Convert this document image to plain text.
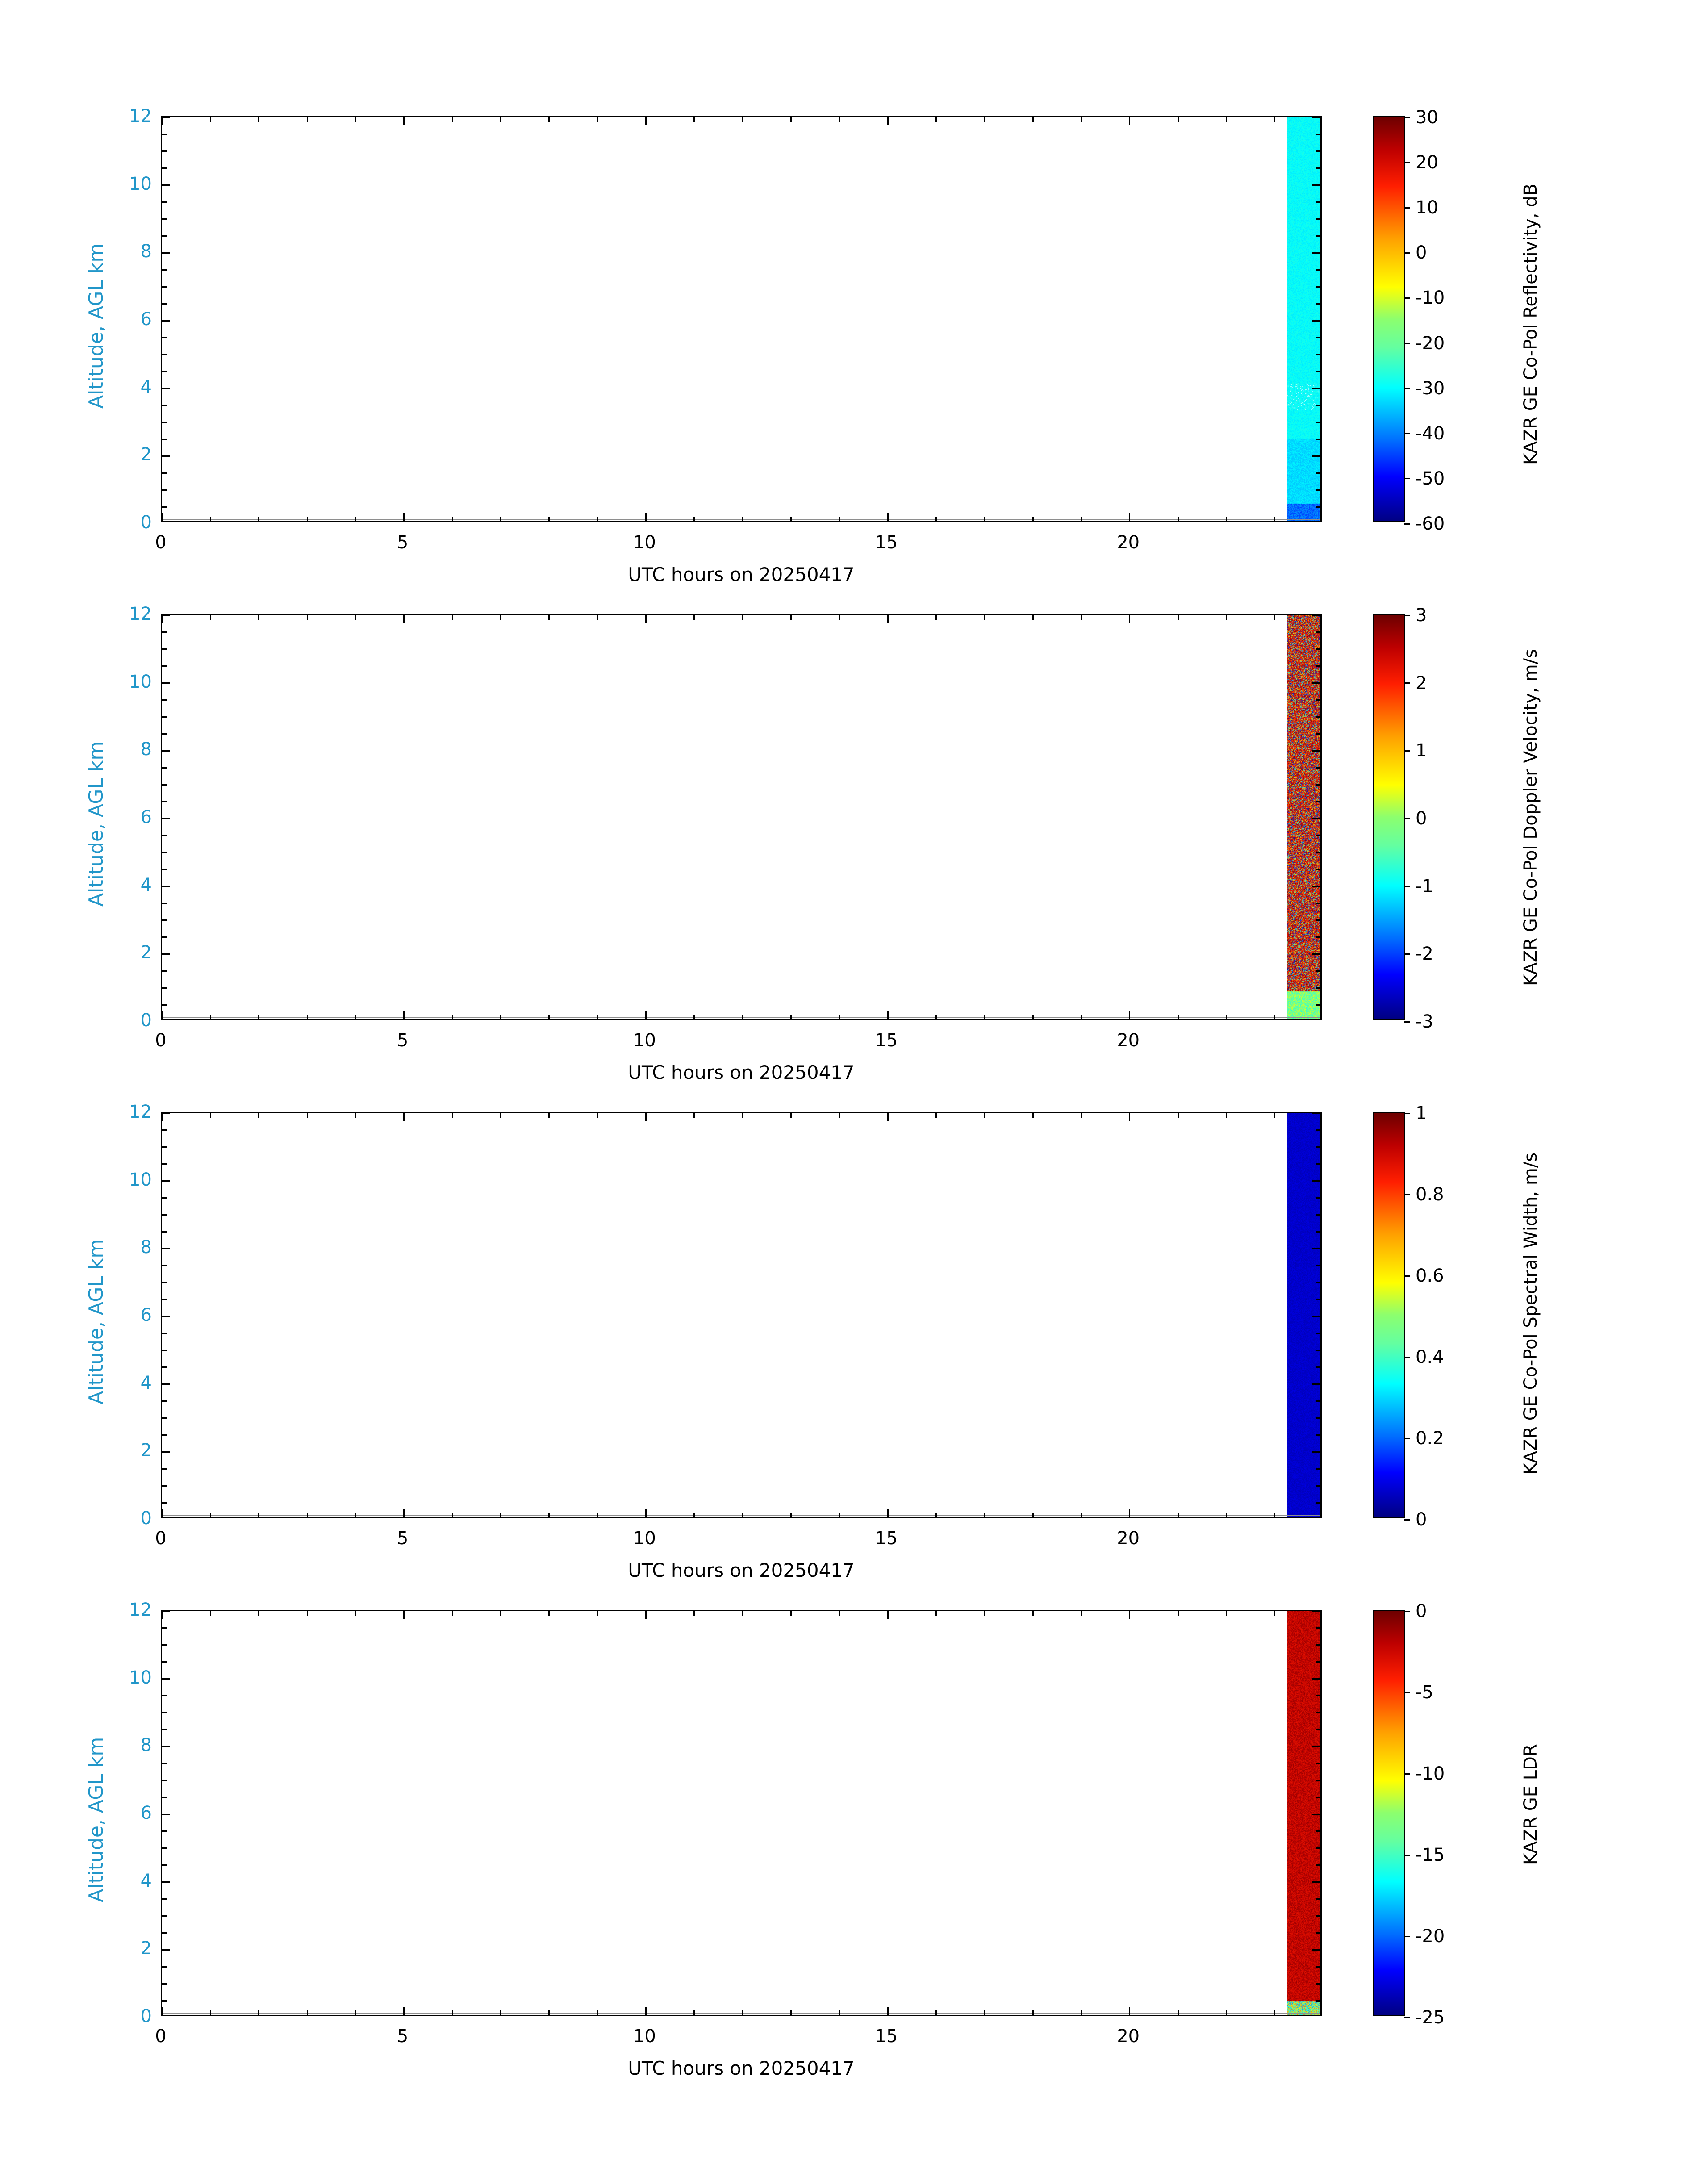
0	5	10	15	20
0
2
4
6
8
10
12
UTC hours on 20250417
Altitude, AGL km
-60
-50
-40
-30
-20
-10
0
10
20
30
KAZR GE Co-Pol Reflectivity, dB
0	5	10	15	20
0
2
4
6
8
10
12
UTC hours on 20250417
Altitude, AGL km
-3
-2
-1
0
1
2
3
KAZR GE Co-Pol Doppler Velocity, m/s
0	5	10	15	20
0
2
4
6
8
10
12
UTC hours on 20250417
Altitude, AGL km
0
0.2
0.4
0.6
0.8
1
KAZR GE Co-Pol Spectral Width, m/s
0	5	10	15	20
0
2
4
6
8
10
12
UTC hours on 20250417
Altitude, AGL km
-25
-20
-15
-10
-5
0
KAZR GE LDR
